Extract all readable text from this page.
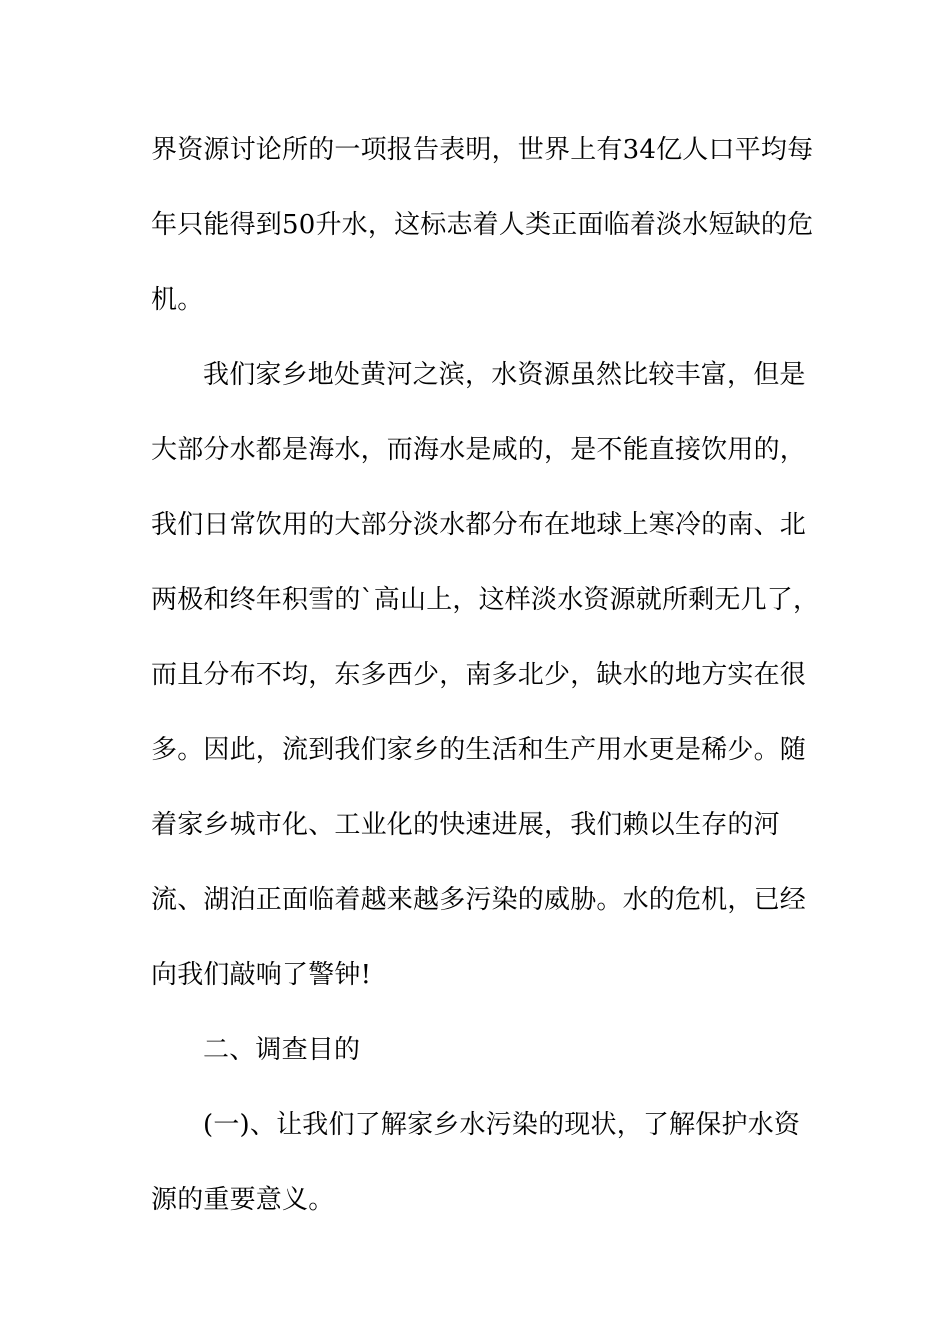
界资源讨论所的一项报告表明，世界上有34亿人口平均每
年只能得到50升水，这标志着人类正面临着淡水短缺的危
机。
我们家乡地处黄河之滨，水资源虽然比较丰富，但是
大部分水都是海水，而海水是咸的，是不能直接饮用的，
我们日常饮用的大部分淡水都分布在地球上寒冷的南、北
两极和终年积雪的`高山上，这样淡水资源就所剩无几了，
而且分布不均，东多西少，南多北少，缺水的地方实在很
多。因此，流到我们家乡的生活和生产用水更是稀少。随
着家乡城市化、工业化的快速进展，我们赖以生存的河
流、湖泊正面临着越来越多污染的威胁。水的危机，已经
向我们敲响了警钟!
二、调查目的
(一)、让我们了解家乡水污染的现状，了解保护水资
源的重要意义。
